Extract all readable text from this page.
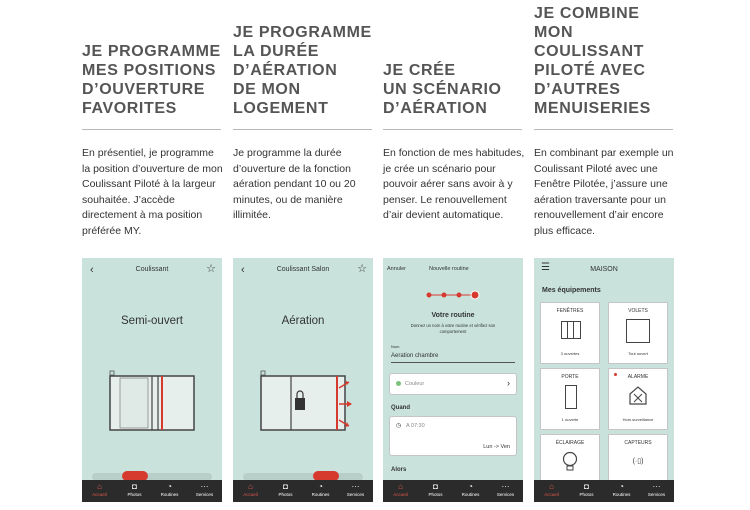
JE PROGRAMME
MES POSITIONS
D’OUVERTURE
FAVORITES
En présentiel, je programme la position d’ouverture de mon Coulissant Piloté à la largeur souhaitée. J’accède directement à ma position préférée MY.
‹	Coulissant	☆
Semi-ouvert
⌂
Accueil
◘
Photos
◔
Routines
···
Services
JE PROGRAMME
LA DURÉE
D’AÉRATION
DE MON
LOGEMENT
Je programme la durée d’ouverture de la fonction aération pendant 10 ou 20 minutes, ou de manière illimitée.
‹	Coulissant Salon	☆
Aération
⌂
Accueil
◘
Photos
◔
Routines
···
Services
JE CRÉE
UN SCÉNARIO
D’AÉRATION
En fonction de mes habitudes, je crée un scénario pour pouvoir aérer sans avoir à y penser. Le renouvellement d’air devient automatique.
Annuler	Nouvelle routine
Votre routine
Donnez un nom à votre routine et vérifiez son comportement
Nom
Aeration chambre
Couleur	›
Quand
◷ A 07:30
Lun -> Ven
Alors
⌂
Accueil
◘
Photos
◔
Routines
···
Services
JE COMBINE
MON
COULISSANT
PILOTÉ AVEC
D’AUTRES
MENUISERIES
En combinant par exemple un Coulissant Piloté avec une Fenêtre Pilotée, j’assure une aération traversante pour un renouvellement d’air encore plus efficace.
☰	MAISON
Mes équipements
FENÊTRES
3 ouvertes
VOLETS
Tout ouvert
PORTE
1 ouverte
ALARME
Hors surveillance
ÉCLAIRAGE	CAPTEURS
(·▯)
⌂
Accueil
◘
Photos
◔
Routines
···
Services
